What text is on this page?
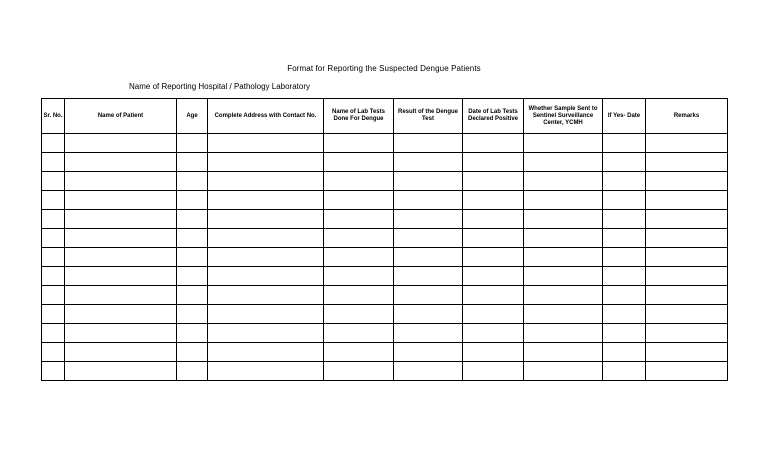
Format for Reporting the Suspected Dengue Patients
Name of Reporting Hospital / Pathology Laboratory
Sr. No.	Name of Patient	Age	Complete Address with Contact No.	Name of Lab Tests Done For Dengue	Result of the Dengue Test	Date of Lab Tests Declared Positive	Whether Sample Sent to Sentinel Surveillance Center, YCMH	If Yes- Date	Remarks
